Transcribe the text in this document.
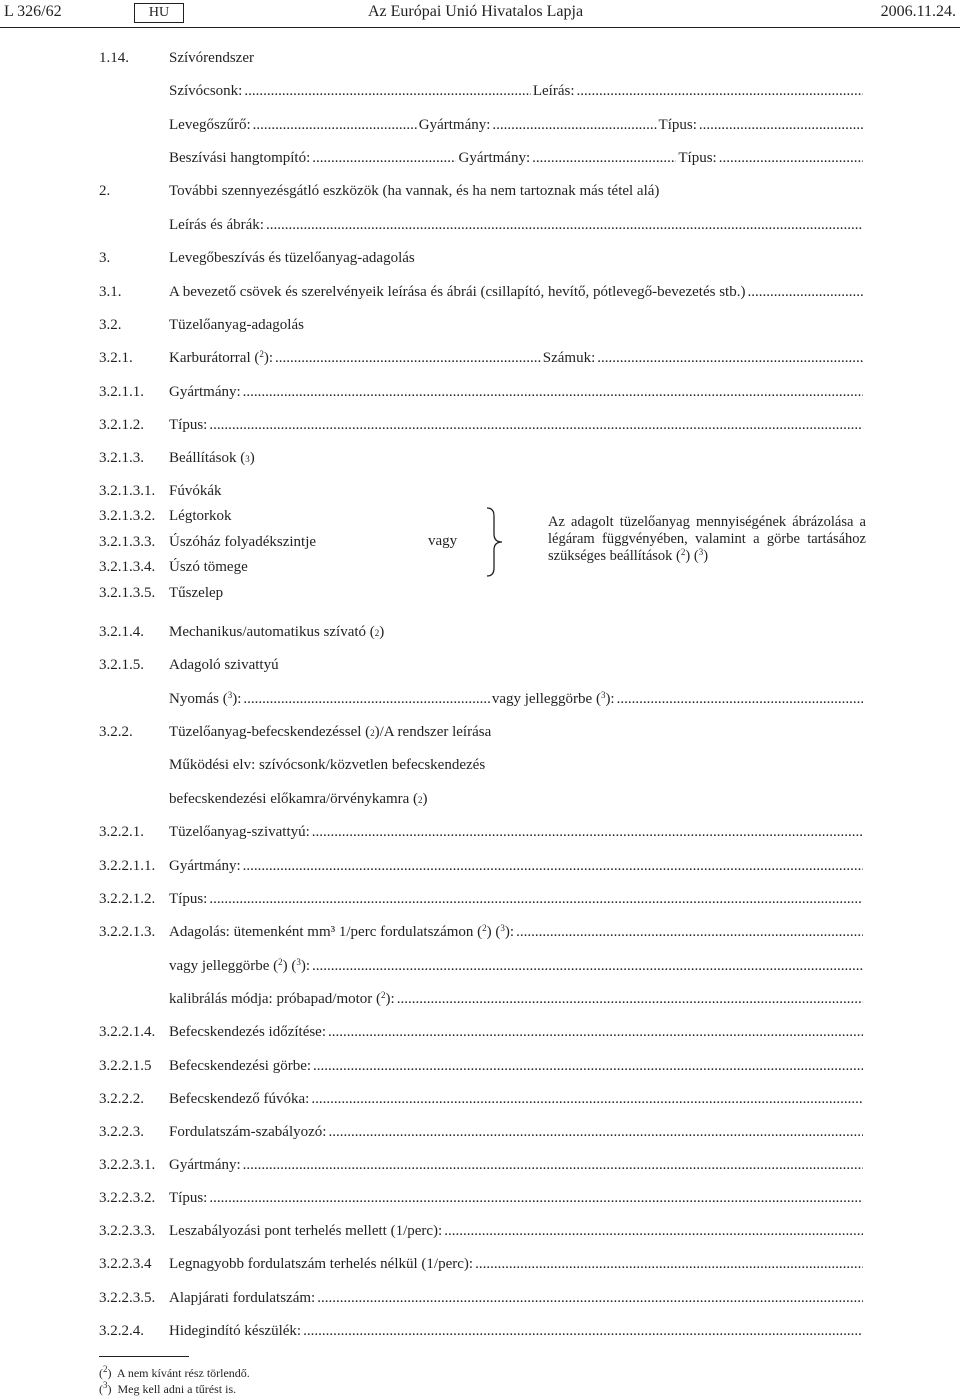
L 326/62	HU	Az Európai Unió Hivatalos Lapja	2006.11.24.
1.14.	Szívórendszer
Szívócsonk: .....	Leírás:
.....
Levegőszűrő: .....	Gyártmány: .....	Típus:
.....
Beszívási hangtompító: .....	Gyártmány: .....	Típus:
.....
2.	További szennyezésgátló eszközök (ha vannak, és ha nem tartoznak más tétel alá)
Leírás és ábrák:
.....
3.	Levegőbeszívás és tüzelőanyag-adagolás
3.1.	A bevezető csövek és szerelvényeik leírása és ábrái (csillapító, hevítő, pótlevegő-bevezetés stb.)
.....
3.2.	Tüzelőanyag-adagolás
3.2.1. Karburátorral ($^2$): .....	Számuk:
.....
3.2.1.1. Gyártmány:
.....
3.2.1.2. Típus:
.....
3.2.1.3. Beállítások ( 3 )
3.2.1.3.1. Fúvókák
3.2.1.3.2. Légtorkok
3.2.1.3.3. Úszóház folyadékszintje
3.2.1.3.4. Úszó tömege
3.2.1.3.5. Tűszelep
vagy
Az adagolt tüzelőanyag mennyiségének ábrázolása a légáram függvényében, valamint a görbe tartásához szükséges beállítások ($^2$) ($^3$)
3.2.1.4. Mechanikus/automatikus szívató ( 2 )
3.2.1.5. Adagoló szivattyú
Nyomás ($^3$): .....	vagy jelleggörbe ($^3$):
.....
3.2.2. Tüzelőanyag-befecskendezéssel ( 2 )/A rendszer leírása
Működési elv: szívócsonk/közvetlen befecskendezés
befecskendezési előkamra/örvénykamra ( 2 )
3.2.2.1. Tüzelőanyag-szivattyú:
.....
3.2.2.1.1. Gyártmány:
.....
3.2.2.1.2. Típus:
.....
3.2.2.1.3. Adagolás: ütemenként mm³ 1/perc fordulatszámon ($^2$) ($^3$):
.....
vagy jelleggörbe ($^2$) ($^3$):
.....
kalibrálás módja: próbapad/motor ($^2$):
.....
3.2.2.1.4. Befecskendezés időzítése:
.....
3.2.2.1.5 Befecskendezési görbe:
.....
3.2.2.2. Befecskendező fúvóka:
.....
3.2.2.3. Fordulatszám-szabályozó:
.....
3.2.2.3.1. Gyártmány:
.....
3.2.2.3.2. Típus:
.....
3.2.2.3.3. Leszabályozási pont terhelés mellett (1/perc):
.....
3.2.2.3.4 Legnagyobb fordulatszám terhelés nélkül (1/perc):
.....
3.2.2.3.5. Alapjárati fordulatszám:
.....
3.2.2.4. Hidegindító készülék:
.....
($^2$)  A nem kívánt rész törlendő.
($^3$)  Meg kell adni a tűrést is.
